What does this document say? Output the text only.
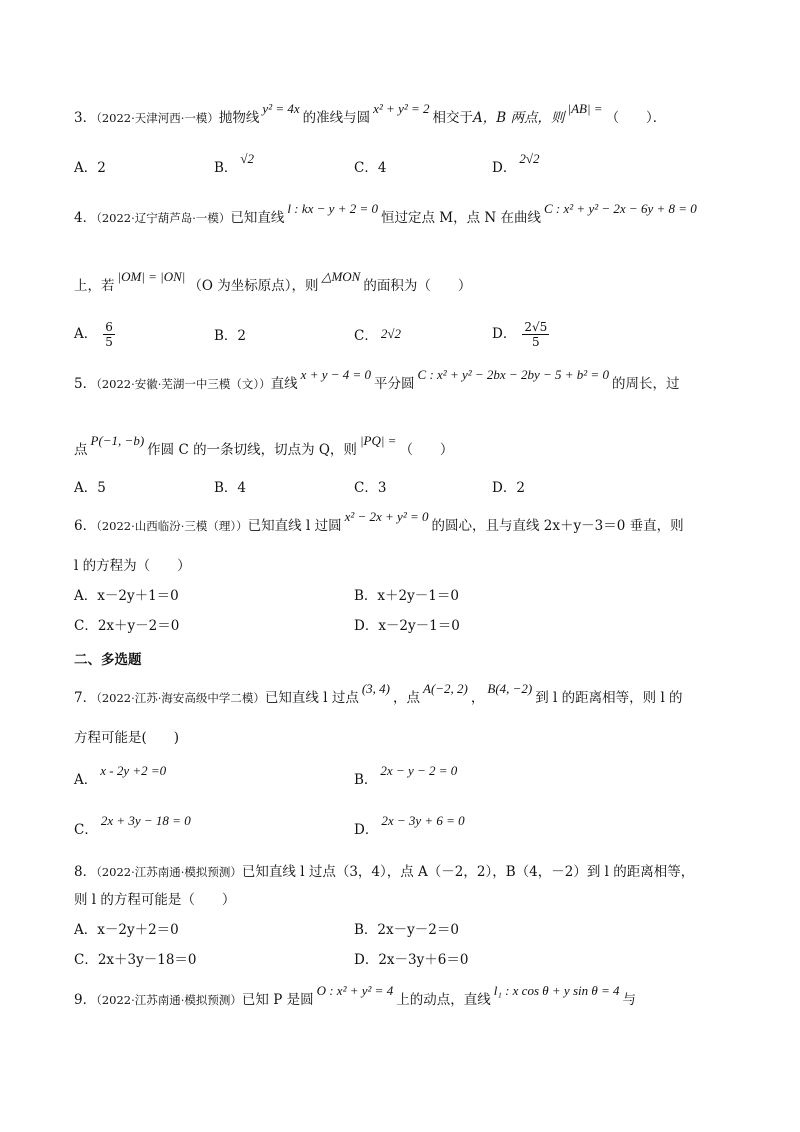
3．（2022·天津河西·一模）抛物线y² = 4x的准线与圆x² + y² = 2相交于A，B 两点，则|AB| =（　　）．
A．2	B．√2
C．4	D．2√2
4．（2022·辽宁葫芦岛·一模）已知直线l : kx − y + 2 = 0恒过定点 M，点 N 在曲线C : x² + y² − 2x − 6y + 8 = 0
上，若|OM| = |ON|（O 为坐标原点），则△MON的面积为（　　）
A． $\frac{6}{5}$	B．2	C． 2√2	D． $\frac{2√5}{5}$
5．（2022·安徽·芜湖一中三模（文））直线x + y − 4 = 0平分圆C : x² + y² − 2bx − 2by − 5 + b² = 0的周长，过
点P(−1, −b)作圆 C 的一条切线，切点为 Q，则|PQ| =（　　）
A．5	B．4	C．3	D．2
6．（2022·山西临汾·三模（理））已知直线 l 过圆x² − 2x + y² = 0的圆心，且与直线 2x＋y－3＝0 垂直，则
l 的方程为（　　）
A．x－2y＋1＝0	B．x＋2y－1＝0
C．2x＋y－2＝0	D．x－2y－1＝0
二、多选题
7．（2022·江苏·海安高级中学二模）已知直线 l 过点(3, 4)，点A(−2, 2)，B(4, −2)到 l 的距离相等，则 l 的
方程可能是(　　)
A．x - 2y +2 =0
B．2x − y − 2 = 0
C．2x + 3y − 18 = 0
D．2x − 3y + 6 = 0
8．（2022·江苏南通·模拟预测）已知直线 l 过点（3，4），点 A（－2，2），B（4，－2）到 l 的距离相等，
则 l 的方程可能是（　　）
A．x－2y＋2＝0	B．2x－y－2＝0
C．2x＋3y－18＝0	D．2x－3y＋6＝0
9．（2022·江苏南通·模拟预测）已知 P 是圆O : x² + y² = 4上的动点，直线l₁ : x cos θ + y sin θ = 4与
